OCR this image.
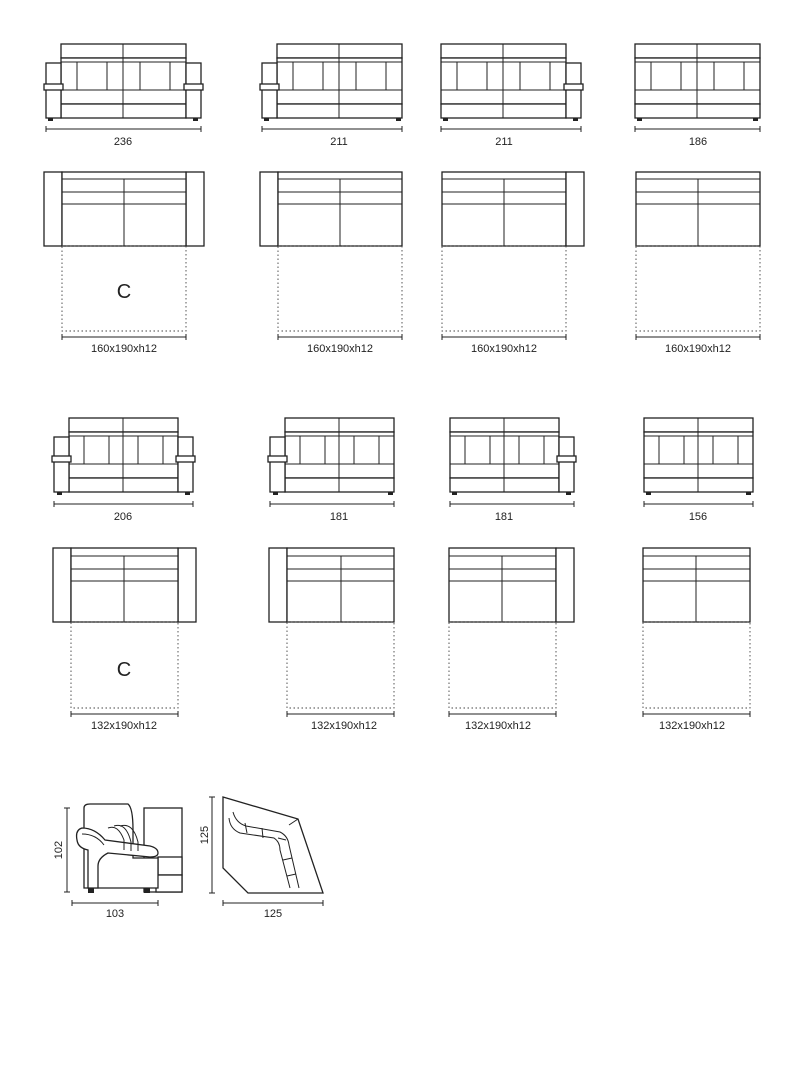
236	211	211	186
C
160x190xh12	160x190xh12	160x190xh12	160x190xh12
206	181	181	156
C
132x190xh12	132x190xh12	132x190xh12	132x190xh12
102
103
125
125
